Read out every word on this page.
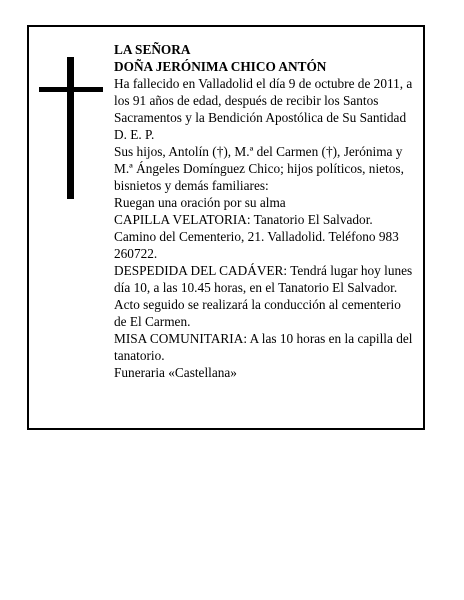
LA SEÑORA

DOÑA JERÓNIMA CHICO ANTÓN

Ha fallecido en Valladolid el día 9 de octubre de 2011, a los 91 años de edad, después de recibir los Santos Sacramentos y la Bendición Apostólica de Su Santidad D. E. P.

Sus hijos, Antolín (†), M.ª del Carmen (†), Jerónima y M.ª Ángeles Domínguez Chico; hijos políticos, nietos, bisnietos y demás familiares:

Ruegan una oración por su alma

CAPILLA VELATORIA: Tanatorio El Salvador. Camino del Cementerio, 21. Valladolid. Teléfono 983 260722.

DESPEDIDA DEL CADÁVER: Tendrá lugar hoy lunes día 10, a las 10.45 horas, en el Tanatorio El Salvador. Acto seguido se realizará la conducción al cementerio de El Carmen.

MISA COMUNITARIA: A las 10 horas en la capilla del tanatorio.

Funeraria «Castellana»
